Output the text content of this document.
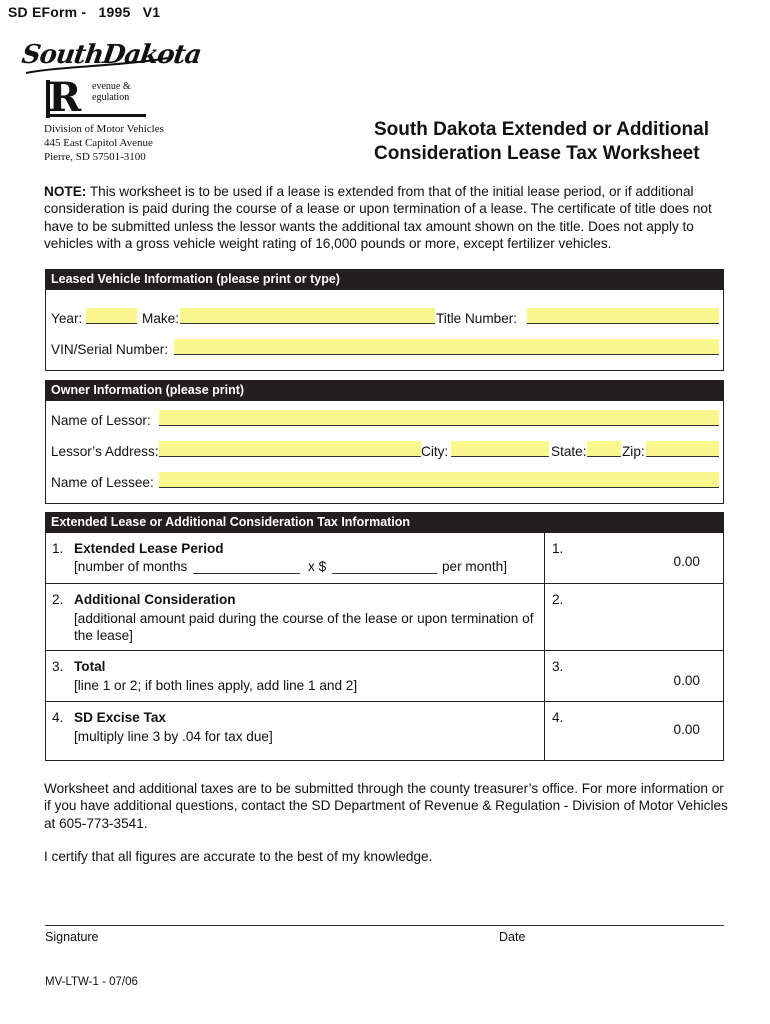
SD EForm -   1995   V1
SouthDakota
R evenue &
egulation
Division of Motor Vehicles
445 East Capitol Avenue
Pierre, SD 57501-3100
South Dakota Extended or Additional
Consideration Lease Tax Worksheet
NOTE: This worksheet is to be used if a lease is extended from that of the initial lease period, or if additional consideration is paid during the course of a lease or upon termination of a lease. The certificate of title does not have to be submitted unless the lessor wants the additional tax amount shown on the title. Does not apply to vehicles with a gross vehicle weight rating of 16,000 pounds or more, except fertilizer vehicles.
Leased Vehicle Information (please print or type)
Year:	Make:	Title Number:
VIN/Serial Number:
Owner Information (please print)
Name of Lessor:
Lessor’s Address:	City:	State:	Zip:
Name of Lessee:
Extended Lease or Additional Consideration Tax Information
1. Extended Lease Period
[number of months	x $	per month]
1.
0.00
2. Additional Consideration
[additional amount paid during the course of the lease or upon termination of the lease]
2.
3. Total
[line 1 or 2; if both lines apply, add line 1 and 2]
3.
0.00
4. SD Excise Tax
[multiply line 3 by .04 for tax due]
4.
0.00
Worksheet and additional taxes are to be submitted through the county treasurer’s office. For more information or if you have additional questions, contact the SD Department of Revenue & Regulation - Division of Motor Vehicles at 605-773-3541.
I certify that all figures are accurate to the best of my knowledge.
Signature	Date
MV-LTW-1 - 07/06
